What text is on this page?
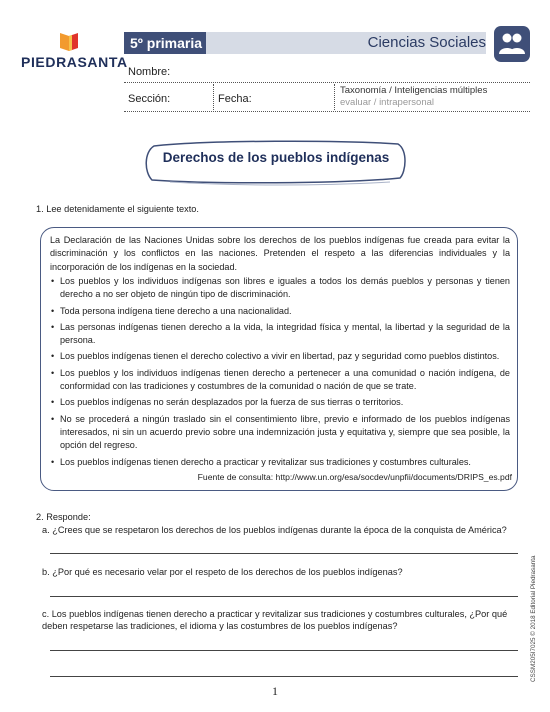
PIEDRASANTA
5º primaria	Ciencias Sociales
Nombre:
Sección:	Fecha:
Taxonomía / Inteligencias múltiples
evaluar / intrapersonal
Derechos de los pueblos indígenas
1. Lee detenidamente el siguiente texto.
La Declaración de las Naciones Unidas sobre los derechos de los pueblos indígenas fue creada para evitar la discriminación y los conflictos en las naciones. Pretenden el respeto a las diferencias individuales y la incorporación de los indígenas en la sociedad.
• Los pueblos y los individuos indígenas son libres e iguales a todos los demás pueblos y personas y tienen derecho a no ser objeto de ningún tipo de discriminación.
• Toda persona indígena tiene derecho a una nacionalidad.
• Las personas indígenas tienen derecho a la vida, la integridad física y mental, la libertad y la seguridad de la persona.
• Los pueblos indígenas tienen el derecho colectivo a vivir en libertad, paz y seguridad como pueblos distintos.
• Los pueblos y los individuos indígenas tienen derecho a pertenecer a una comunidad o nación indígena, de conformidad con las tradiciones y costumbres de la comunidad o nación de que se trate.
• Los pueblos indígenas no serán desplazados por la fuerza de sus tierras o territorios.
• No se procederá a ningún traslado sin el consentimiento libre, previo e informado de los pueblos indígenas interesados, ni sin un acuerdo previo sobre una indemnización justa y equitativa y, siempre que sea posible, la opción del regreso.
• Los pueblos indígenas tienen derecho a practicar y revitalizar sus tradiciones y costumbres culturales.
Fuente de consulta: http://www.un.org/esa/socdev/unpfii/documents/DRIPS_es.pdf
2. Responde:
a. ¿Crees que se respetaron los derechos de los pueblos indígenas durante la época de la conquista de América?
b. ¿Por qué es necesario velar por el respeto de los derechos de los pueblos indígenas?
c. Los pueblos indígenas tienen derecho a practicar y revitalizar sus tradiciones y costumbres culturales, ¿Por qué deben respetarse las tradiciones, el idioma y las costumbres de los pueblos indígenas?	CSSM205I7025 © 2018 Editorial Piedrasanta
1
